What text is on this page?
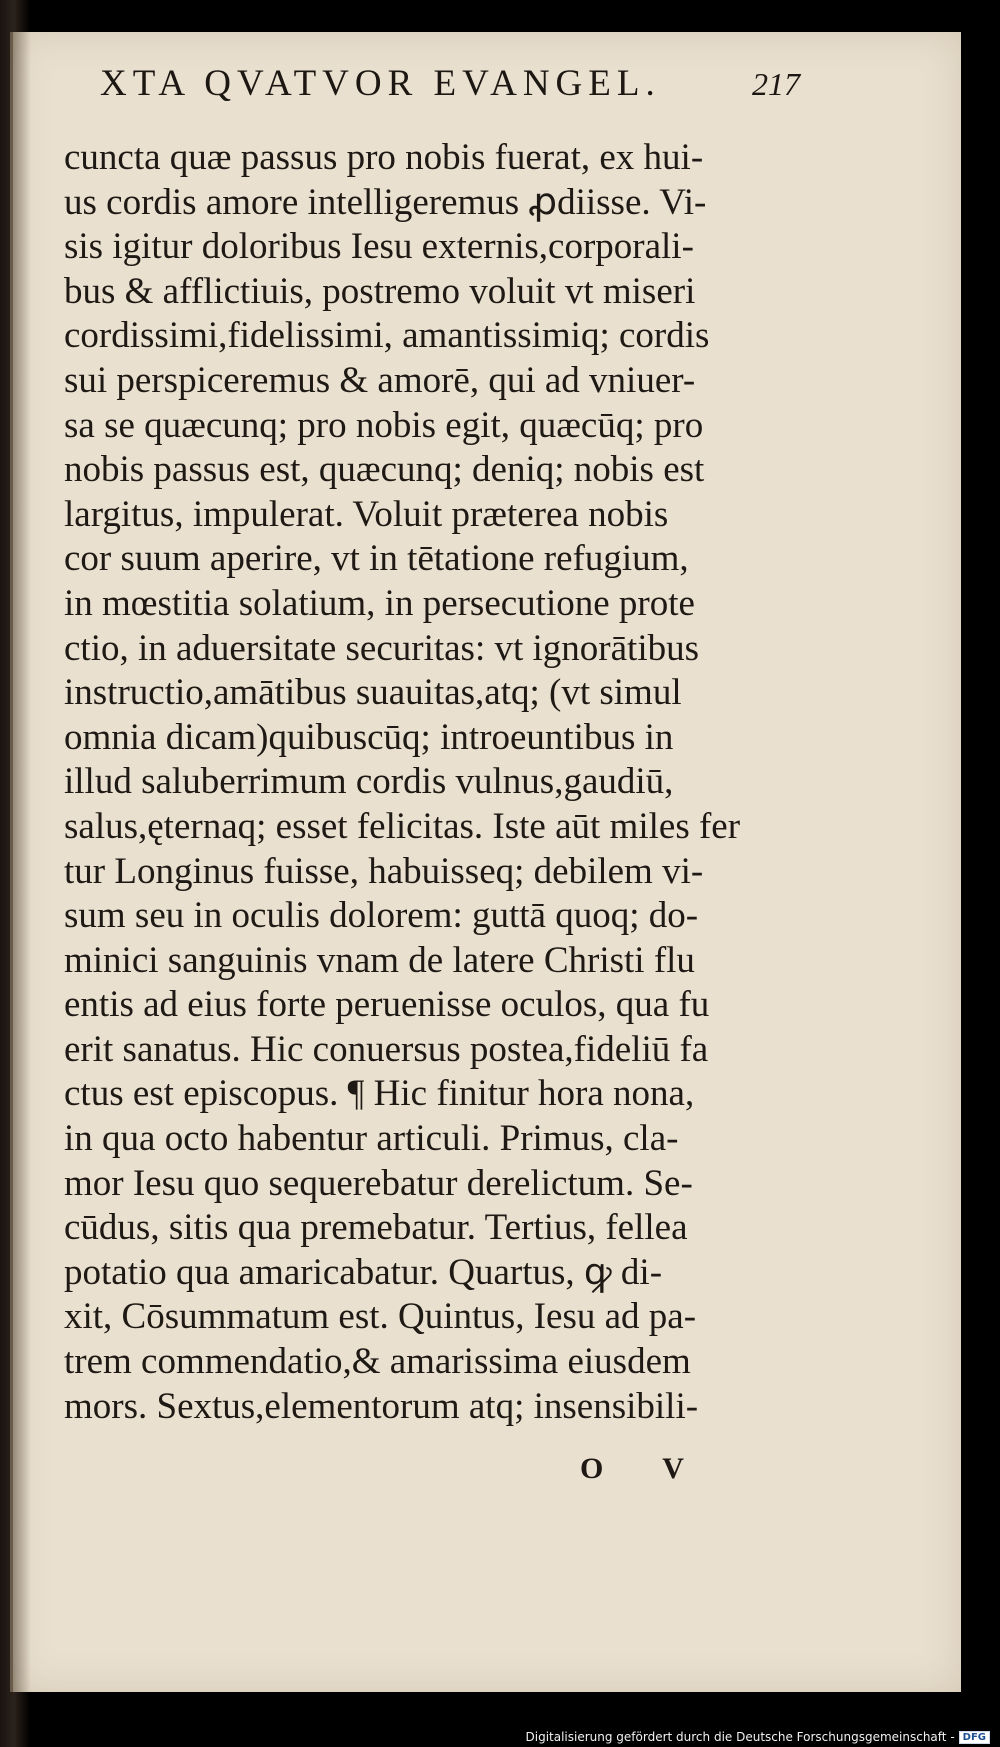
XTA QVATVOR EVANGEL.	217
cuncta quæ passus pro nobis fuerat, ex hui-
us cordis amore intelligeremus ꝓdiisse. Vi-
sis igitur doloribus Iesu externis,corporali-
bus & afflictiuis, postremo voluit vt miseri
cordissimi,fidelissimi, amantissimiq; cordis
sui perspiceremus & amorē, qui ad vniuer-
sa se quæcunq; pro nobis egit, quæcūq; pro
nobis passus est, quæcunq; deniq; nobis est
largitus, impulerat. Voluit præterea nobis
cor suum aperire, vt in tētatione refugium,
in mœstitia solatium, in persecutione prote
ctio, in aduersitate securitas: vt ignorātibus
instructio,amātibus suauitas,atq; (vt simul
omnia dicam)quibuscūq; introeuntibus in
illud saluberrimum cordis vulnus,gaudiū,
salus,ęternaq; esset felicitas. Iste aūt miles fer
tur Longinus fuisse, habuisseq; debilem vi-
sum seu in oculis dolorem: guttā quoq; do-
minici sanguinis vnam de latere Christi flu
entis ad eius forte peruenisse oculos, qua fu
erit sanatus. Hic conuersus postea,fideliū fa
ctus est episcopus. ¶ Hic finitur hora nona,
in qua octo habentur articuli. Primus, cla-
mor Iesu quo sequerebatur derelictum. Se-
cūdus, sitis qua premebatur. Tertius, fellea
potatio qua amaricabatur. Quartus, ꝙ di-
xit, Cōsummatum est. Quintus, Iesu ad pa-
trem commendatio,& amarissima eiusdem
mors. Sextus,elementorum atq; insensibili-
O V
Digitalisierung gefördert durch die Deutsche Forschungsgemeinschaft - DFG
